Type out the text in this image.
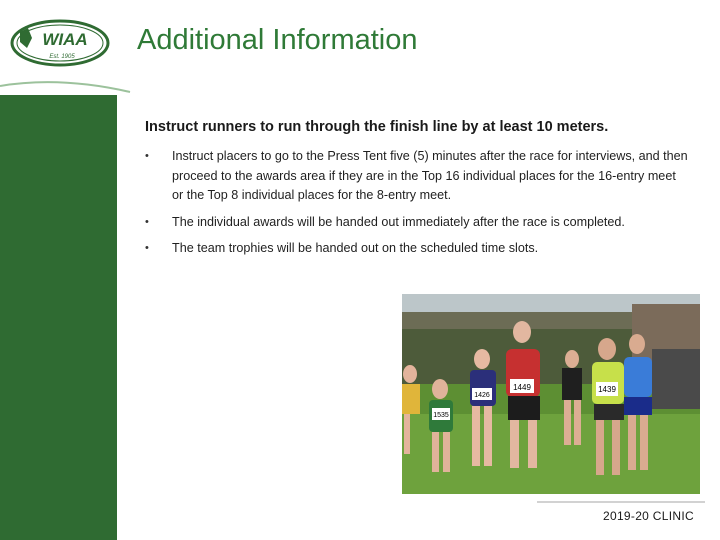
WIAA
Est. 1905
Additional Information
Instruct runners to run through the finish line by at least 10 meters.
•	Instruct placers to go to the Press Tent five (5) minutes after the race for interviews, and then proceed to the awards area if they are in the Top 16 individual places for the 16-entry meet or the Top 8 individual places for the 8-entry meet.
•	The individual awards will be handed out immediately after the race is completed.
•	The team trophies will be handed out on the scheduled time slots.
1449	1439
1426
1535
2019-20 CLINIC
